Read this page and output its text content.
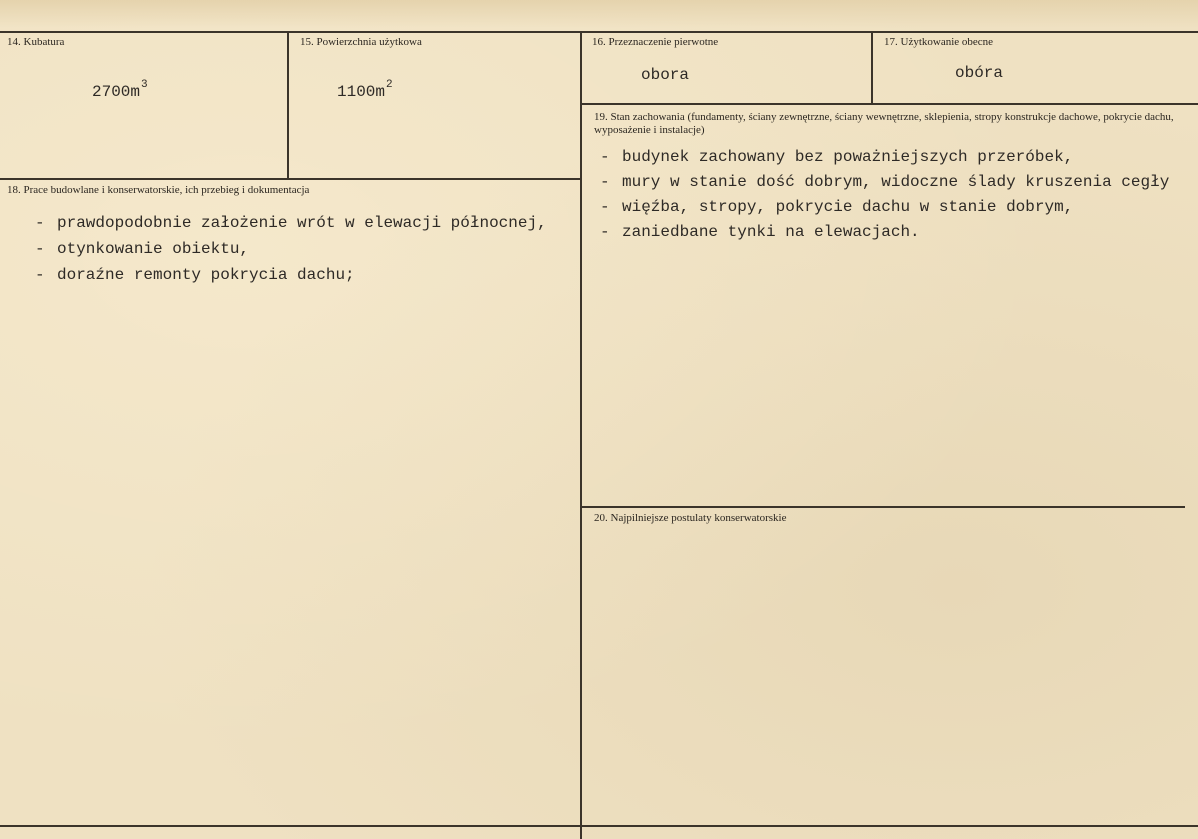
14. Kubatura
$2700m^3$
15. Powierzchnia użytkowa
$1100m^2$
16. Przeznaczenie pierwotne
obora
17. Użytkowanie obecne
obóra
18. Prace budowlane i konserwatorskie, ich przebieg i dokumentacja
- prawdopodobnie założenie wrót w elewacji północnej,
- otynkowanie obiektu,
- doraźne remonty pokrycia dachu;
19. Stan zachowania (fundamenty, ściany zewnętrzne, ściany wewnętrzne, sklepienia, stropy konstrukcje dachowe, pokrycie dachu, wyposażenie i instalacje)
- budynek zachowany bez poważniejszych przeróbek,
- mury w stanie dość dobrym, widoczne ślady kruszenia cegły
- więźba, stropy, pokrycie dachu w stanie dobrym,
- zaniedbane tynki na elewacjach.
20. Najpilniejsze postulaty konserwatorskie
